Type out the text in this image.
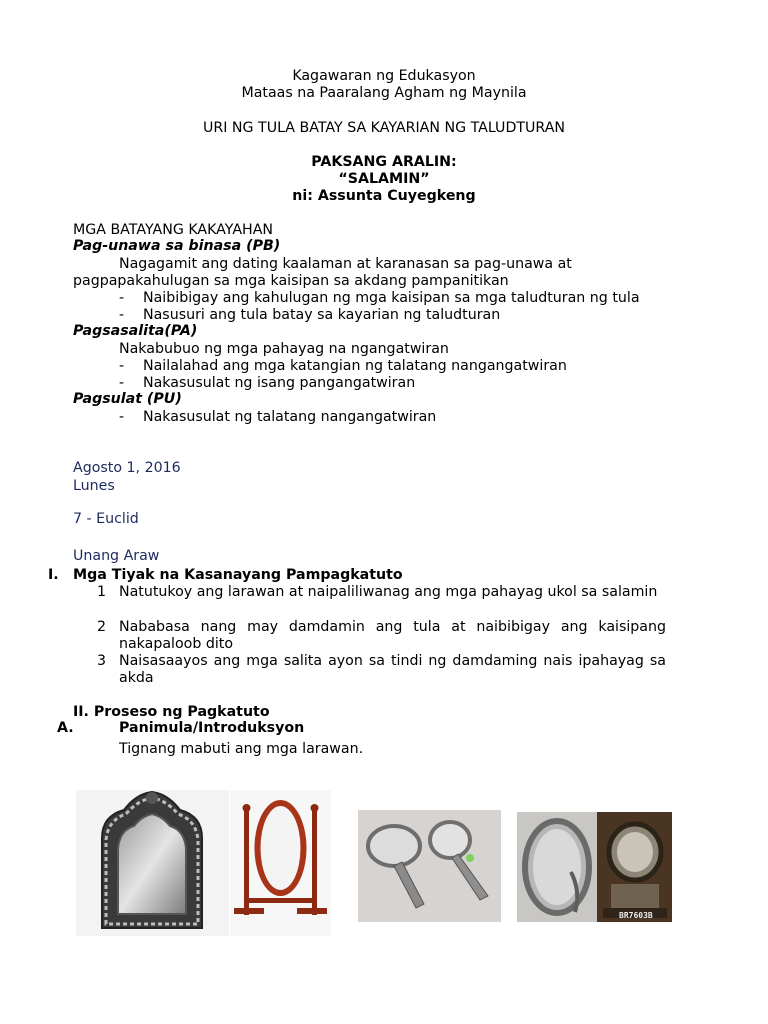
Kagawaran ng Edukasyon
Mataas na Paaralang Agham ng Maynila
URI NG TULA BATAY SA KAYARIAN NG TALUDTURAN
PAKSANG ARALIN:
“SALAMIN”
ni: Assunta Cuyegkeng
MGA BATAYANG KAKAYAHAN
Pag-unawa sa binasa (PB)
Nagagamit ang dating kaalaman at karanasan sa pag-unawa at
pagpapakahulugan sa mga kaisipan sa akdang pampanitikan
- Naibibigay ang kahulugan ng mga kaisipan sa mga taludturan ng tula
- Nasusuri ang tula batay sa kayarian ng taludturan
Pagsasalita(PA)
Nakabubuo ng mga pahayag na ngangatwiran
- Nailalahad ang mga katangian ng talatang nangangatwiran
- Nakasusulat ng isang pangangatwiran
Pagsulat (PU)
- Nakasusulat ng talatang nangangatwiran
Agosto 1, 2016
Lunes
7 - Euclid
Unang Araw
I. Mga Tiyak na Kasanayang Pampagkatuto
1 Natutukoy ang larawan at naipaliliwanag ang mga pahayag ukol sa salamin
2 Nababasa nang may damdamin ang tula at naibibigay ang kaisipang nakapaloob dito
3 Naisasaayos ang mga salita ayon sa tindi ng damdaming nais ipahayag sa akda
II. Proseso ng Pagkatuto
A.	Panimula/Introduksyon
Tignang mabuti ang mga larawan.
BR7603B
